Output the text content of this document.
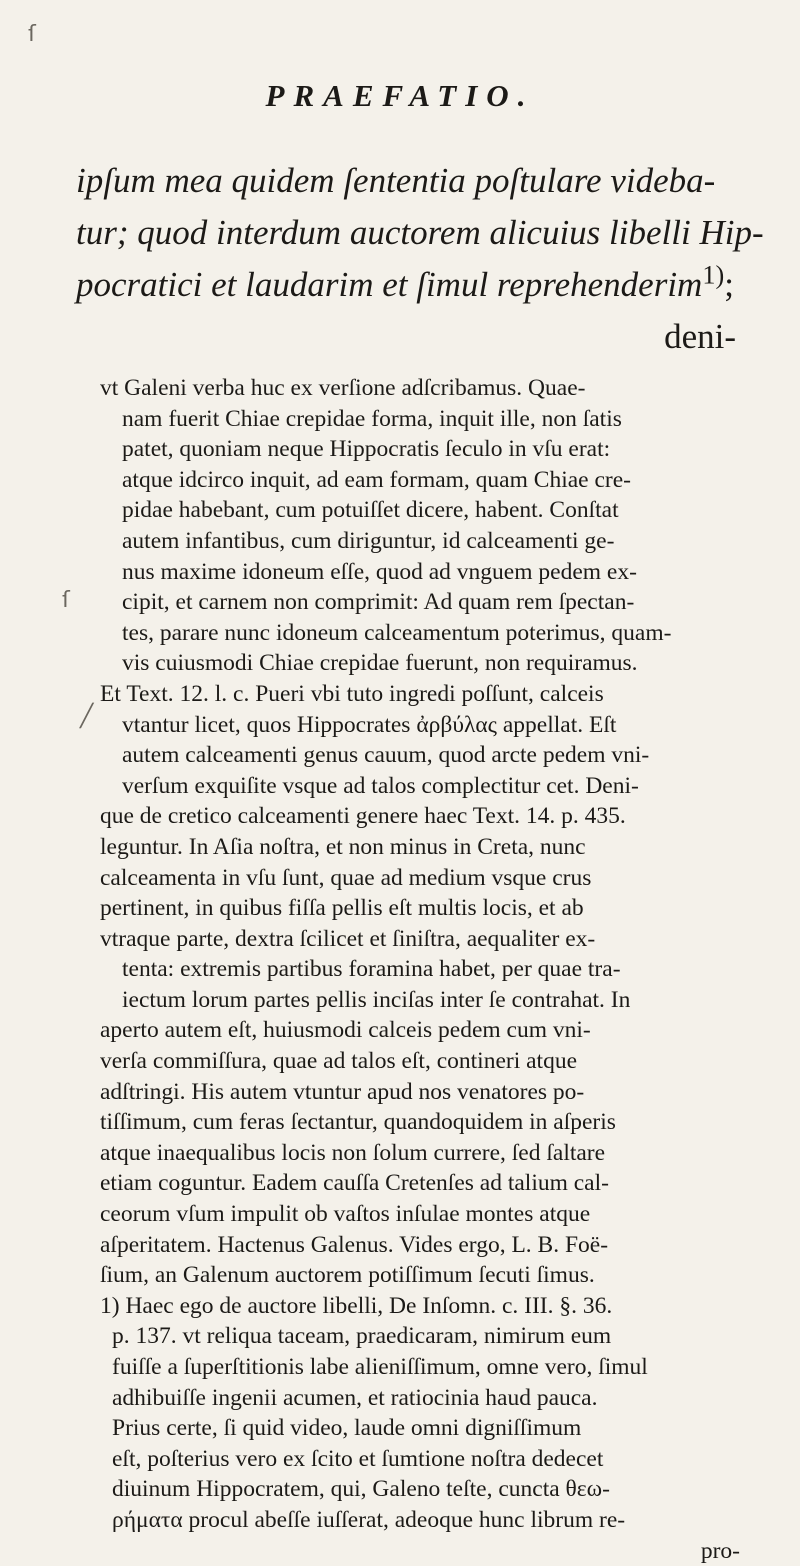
PRAEFATIO.
ipſum mea quidem ſententia poſtulare videba-
tur; quod interdum auctorem alicuius libelli Hip-
pocratici et laudarim et ſimul reprehenderim$^{1)}$;
deni-
vt Galeni verba huc ex verſione adſcribamus. Quae-
nam fuerit Chiae crepidae forma, inquit ille, non ſatis
patet, quoniam neque Hippocratis ſeculo in vſu erat:
atque idcirco inquit, ad eam formam, quam Chiae cre-
pidae habebant, cum potuiſſet dicere, habent. Conſtat
autem infantibus, cum diriguntur, id calceamenti ge-
nus maxime idoneum eſſe, quod ad vnguem pedem ex-
cipit, et carnem non comprimit: Ad quam rem ſpectan-
tes, parare nunc idoneum calceamentum poterimus, quam-
vis cuiusmodi Chiae crepidae fuerunt, non requiramus.
Et Text. 12. l. c. Pueri vbi tuto ingredi poſſunt, calceis
vtantur licet, quos Hippocrates ἀρβύλας appellat. Eſt
autem calceamenti genus cauum, quod arcte pedem vni-
verſum exquiſite vsque ad talos complectitur cet. Deni-
que de cretico calceamenti genere haec Text. 14. p. 435.
leguntur. In Aſia noſtra, et non minus in Creta, nunc
calceamenta in vſu ſunt, quae ad medium vsque crus
pertinent, in quibus fiſſa pellis eſt multis locis, et ab
vtraque parte, dextra ſcilicet et ſiniſtra, aequaliter ex-
tenta: extremis partibus foramina habet, per quae tra-
iectum lorum partes pellis inciſas inter ſe contrahat. In
aperto autem eſt, huiusmodi calceis pedem cum vni-
verſa commiſſura, quae ad talos eſt, contineri atque
adſtringi. His autem vtuntur apud nos venatores po-
tiſſimum, cum feras ſectantur, quandoquidem in aſperis
atque inaequalibus locis non ſolum currere, ſed ſaltare
etiam coguntur. Eadem cauſſa Cretenſes ad talium cal-
ceorum vſum impulit ob vaſtos inſulae montes atque
aſperitatem. Hactenus Galenus. Vides ergo, L. B. Foë-
ſium, an Galenum auctorem potiſſimum ſecuti ſimus.
1) Haec ego de auctore libelli, De Inſomn. c. III. §. 36.
p. 137. vt reliqua taceam, praedicaram, nimirum eum
fuiſſe a ſuperſtitionis labe alieniſſimum, omne vero, ſimul
adhibuiſſe ingenii acumen, et ratiocinia haud pauca.
Prius certe, ſi quid video, laude omni digniſſimum
eſt, poſterius vero ex ſcito et ſumtione noſtra dedecet
diuinum Hippocratem, qui, Galeno teſte, cuncta θεω-
ρήματα procul abeſſe iuſſerat, adeoque hunc librum re-
pro-
ſ
ſ
╱
